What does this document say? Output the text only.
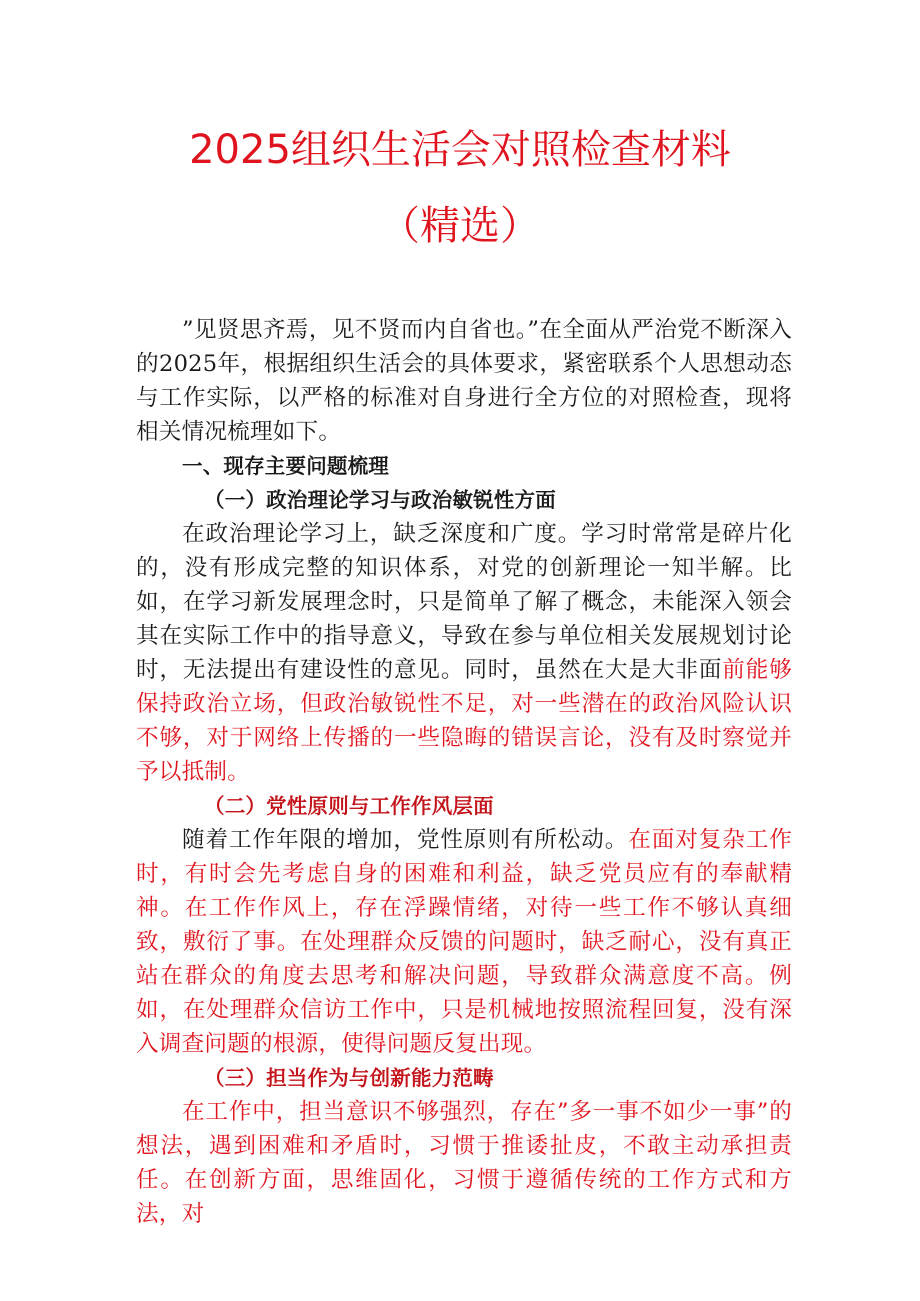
2025组织生活会对照检查材料
（精选）

”见贤思齐焉，见不贤而内自省也。”在全面从严治党不断深入的2025年，根据组织生活会的具体要求，紧密联系个人思想动态与工作实际，以严格的标准对自身进行全方位的对照检查，现将相关情况梳理如下。

一、现存主要问题梳理

（一）政治理论学习与政治敏锐性方面

在政治理论学习上，缺乏深度和广度。学习时常常是碎片化的，没有形成完整的知识体系，对党的创新理论一知半解。比如，在学习新发展理念时，只是简单了解了概念，未能深入领会其在实际工作中的指导意义，导致在参与单位相关发展规划讨论时，无法提出有建设性的意见。同时，虽然在大是大非面前能够保持政治立场，但政治敏锐性不足，对一些潜在的政治风险认识不够，对于网络上传播的一些隐晦的错误言论，没有及时察觉并予以抵制。

（二）党性原则与工作作风层面

随着工作年限的增加，党性原则有所松动。在面对复杂工作时，有时会先考虑自身的困难和利益，缺乏党员应有的奉献精神。在工作作风上，存在浮躁情绪，对待一些工作不够认真细致，敷衍了事。在处理群众反馈的问题时，缺乏耐心，没有真正站在群众的角度去思考和解决问题，导致群众满意度不高。例如，在处理群众信访工作中，只是机械地按照流程回复，没有深入调查问题的根源，使得问题反复出现。

（三）担当作为与创新能力范畴

在工作中，担当意识不够强烈，存在”多一事不如少一事”的想法，遇到困难和矛盾时，习惯于推诿扯皮，不敢主动承担责任。在创新方面，思维固化，习惯于遵循传统的工作方式和方法，对
